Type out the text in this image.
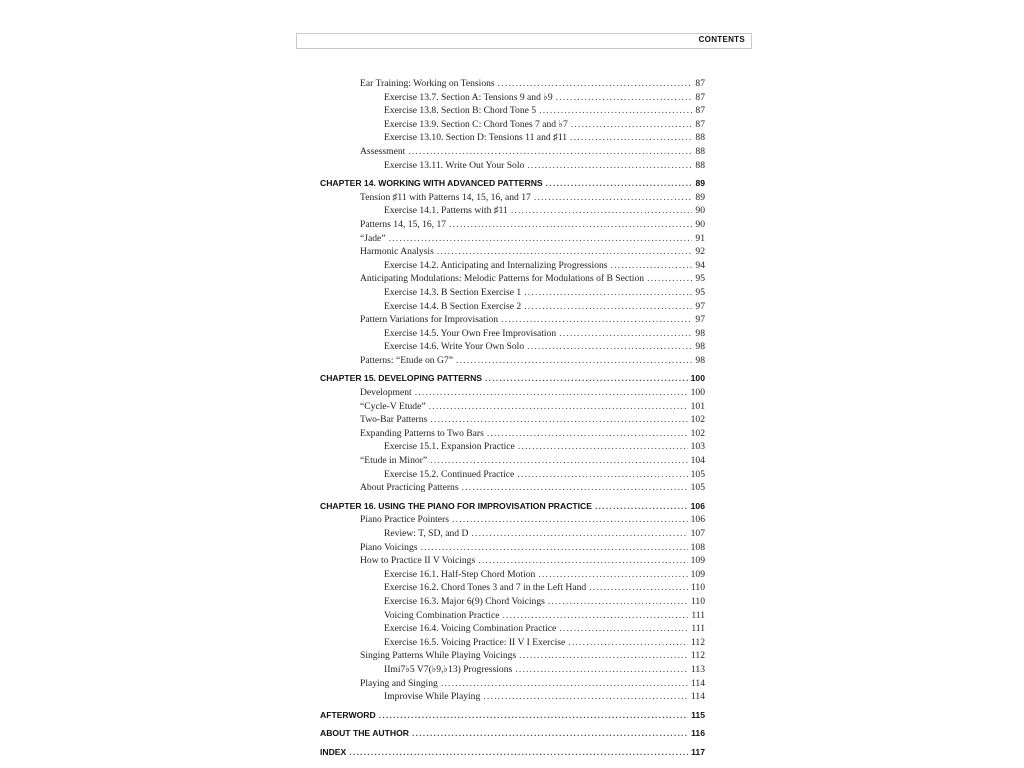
CONTENTS
Ear Training: Working on Tensions .....	87
Exercise 13.7. Section A: Tensions 9 and ♭9 .....	87
Exercise 13.8. Section B: Chord Tone 5 .....	87
Exercise 13.9. Section C: Chord Tones 7 and ♭7 .....	87
Exercise 13.10. Section D: Tensions 11 and ♯11 .....	88
Assessment .....	88
Exercise 13.11. Write Out Your Solo .....	88
CHAPTER 14. WORKING WITH ADVANCED PATTERNS .....	89
Tension ♯11 with Patterns 14, 15, 16, and 17 .....	89
Exercise 14.1. Patterns with ♯11 .....	90
Patterns 14, 15, 16, 17 .....	90
“Jade” .....	91
Harmonic Analysis .....	92
Exercise 14.2. Anticipating and Internalizing Progressions .....	94
Anticipating Modulations: Melodic Patterns for Modulations of B Section .....	95
Exercise 14.3. B Section Exercise 1 .....	95
Exercise 14.4. B Section Exercise 2 .....	97
Pattern Variations for Improvisation .....	97
Exercise 14.5. Your Own Free Improvisation .....	98
Exercise 14.6. Write Your Own Solo .....	98
Patterns: “Etude on G7” .....	98
CHAPTER 15. DEVELOPING PATTERNS .....	100
Development .....	100
“Cycle-V Etude” .....	101
Two-Bar Patterns .....	102
Expanding Patterns to Two Bars .....	102
Exercise 15.1. Expansion Practice .....	103
“Etude in Minor” .....	104
Exercise 15.2. Continued Practice .....	105
About Practicing Patterns .....	105
CHAPTER 16. USING THE PIANO FOR IMPROVISATION PRACTICE .....	106
Piano Practice Pointers .....	106
Review: T, SD, and D .....	107
Piano Voicings .....	108
How to Practice II V Voicings .....	109
Exercise 16.1. Half-Step Chord Motion .....	109
Exercise 16.2. Chord Tones 3 and 7 in the Left Hand .....	110
Exercise 16.3. Major 6(9) Chord Voicings .....	110
Voicing Combination Practice .....	111
Exercise 16.4. Voicing Combination Practice .....	111
Exercise 16.5. Voicing Practice: II V I Exercise .....	112
Singing Patterns While Playing Voicings .....	112
IImi7♭5 V7(♭9,♭13) Progressions .....	113
Playing and Singing .....	114
Improvise While Playing .....	114
AFTERWORD .....	115
ABOUT THE AUTHOR .....	116
INDEX .....	117
